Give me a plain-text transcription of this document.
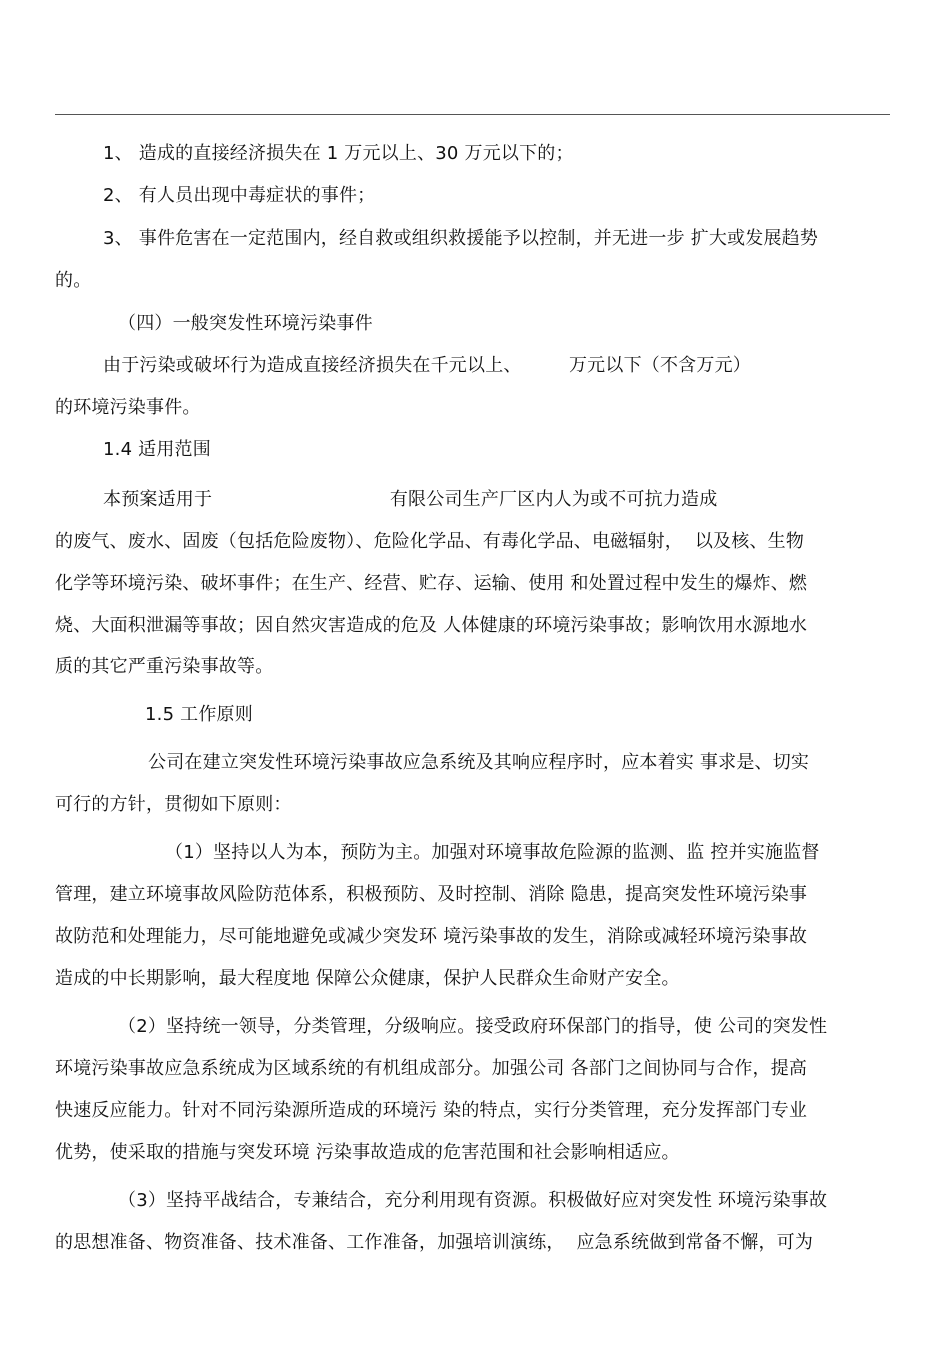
1、 造成的直接经济损失在 1 万元以上、30 万元以下的；
2、 有人员出现中毒症状的事件；
3、 事件危害在一定范围内，经自救或组织救援能予以控制，并无进一步 扩大或发展趋势
的。
（四）一般突发性环境污染事件
由于污染或破坏行为造成直接经济损失在千元以上、        万元以下（不含万元）
的环境污染事件。
1.4 适用范围
本预案适用于                              有限公司生产厂区内人为或不可抗力造成
的废气、废水、固废（包括危险废物）、危险化学品、有毒化学品、电磁辐射，  以及核、生物
化学等环境污染、破坏事件；在生产、经营、贮存、运输、使用 和处置过程中发生的爆炸、燃
烧、大面积泄漏等事故；因自然灾害造成的危及 人体健康的环境污染事故；影响饮用水源地水
质的其它严重污染事故等。
1.5 工作原则
公司在建立突发性环境污染事故应急系统及其响应程序时，应本着实 事求是、切实
可行的方针，贯彻如下原则：
（1）坚持以人为本，预防为主。加强对环境事故危险源的监测、监 控并实施监督
管理，建立环境事故风险防范体系，积极预防、及时控制、消除 隐患，提高突发性环境污染事
故防范和处理能力，尽可能地避免或减少突发环 境污染事故的发生，消除或减轻环境污染事故
造成的中长期影响，最大程度地 保障公众健康，保护人民群众生命财产安全。
（2）坚持统一领导，分类管理，分级响应。接受政府环保部门的指导，使 公司的突发性
环境污染事故应急系统成为区域系统的有机组成部分。加强公司 各部门之间协同与合作，提高
快速反应能力。针对不同污染源所造成的环境污 染的特点，实行分类管理，充分发挥部门专业
优势，使采取的措施与突发环境 污染事故造成的危害范围和社会影响相适应。
（3）坚持平战结合，专兼结合，充分利用现有资源。积极做好应对突发性 环境污染事故
的思想准备、物资准备、技术准备、工作准备，加强培训演练，  应急系统做到常备不懈，可为
